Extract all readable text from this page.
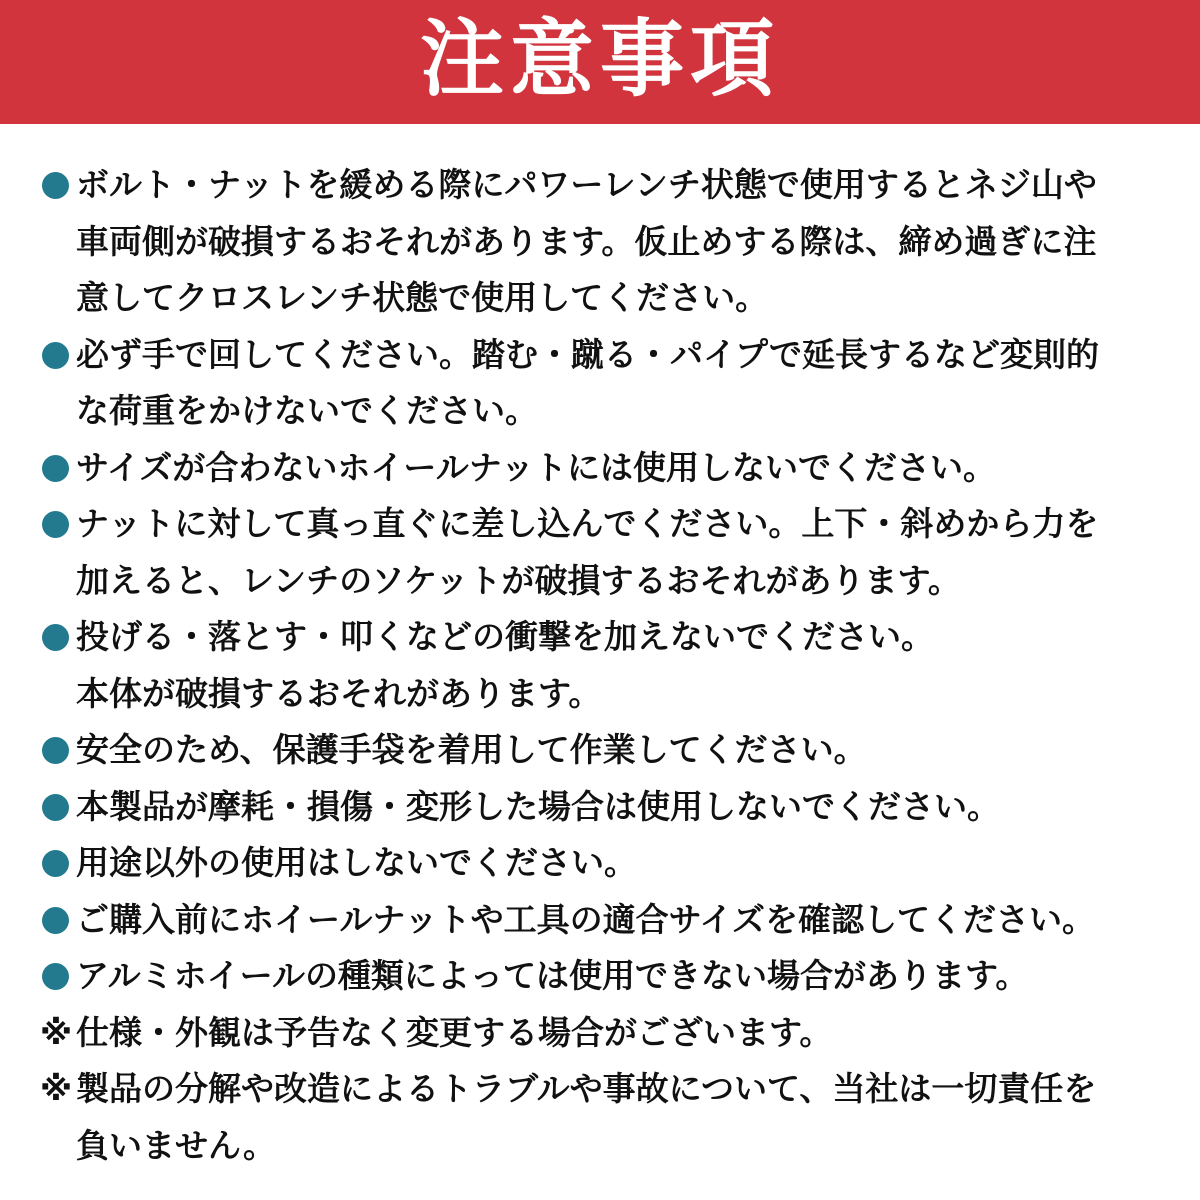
注意事項
ボルト・ナットを緩める際にパワーレンチ状態で使用するとネジ山や
車両側が破損するおそれがあります。仮止めする際は、締め過ぎに注
意してクロスレンチ状態で使用してください。
必ず手で回してください。踏む・蹴る・パイプで延長するなど変則的
な荷重をかけないでください。
サイズが合わないホイールナットには使用しないでください。
ナットに対して真っ直ぐに差し込んでください。上下・斜めから力を
加えると、レンチのソケットが破損するおそれがあります。
投げる・落とす・叩くなどの衝撃を加えないでください。
本体が破損するおそれがあります。
安全のため、保護手袋を着用して作業してください。
本製品が摩耗・損傷・変形した場合は使用しないでください。
用途以外の使用はしないでください。
ご購入前にホイールナットや工具の適合サイズを確認してください。
アルミホイールの種類によっては使用できない場合があります。
※ 仕様・外観は予告なく変更する場合がございます。
※ 製品の分解や改造によるトラブルや事故について、当社は一切責任を
負いません。
